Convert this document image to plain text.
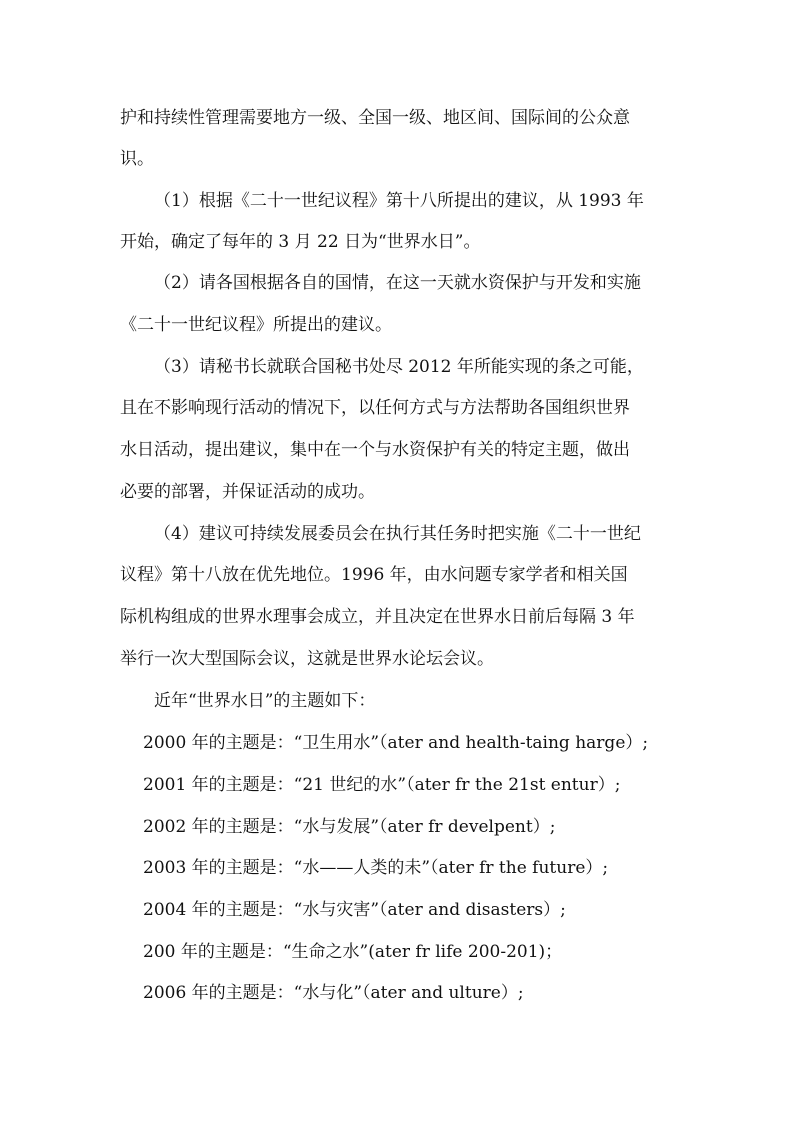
护和持续性管理需要地方一级、全国一级、地区间、国际间的公众意
识。
（1）根据《二十一世纪议程》第十八所提出的建议，从 1993 年
开始，确定了每年的 3 月 22 日为“世界水日”。
（2）请各国根据各自的国情，在这一天就水资保护与开发和实施
《二十一世纪议程》所提出的建议。
（3）请秘书长就联合国秘书处尽 2012 年所能实现的条之可能，
且在不影响现行活动的情况下，以任何方式与方法帮助各国组织世界
水日活动，提出建议，集中在一个与水资保护有关的特定主题，做出
必要的部署，并保证活动的成功。
（4）建议可持续发展委员会在执行其任务时把实施《二十一世纪
议程》第十八放在优先地位。1996 年，由水问题专家学者和相关国
际机构组成的世界水理事会成立，并且决定在世界水日前后每隔 3 年
举行一次大型国际会议，这就是世界水论坛会议。
近年“世界水日”的主题如下：
2000 年的主题是：“卫生用水”（ater and health-taing harge）;
2001 年的主题是：“21 世纪的水”（ater fr the 21st entur）;
2002 年的主题是：“水与发展”（ater fr develpent）;
2003 年的主题是：“水——人类的未”（ater fr the future）;
2004 年的主题是：“水与灾害”（ater and disasters）;
200 年的主题是：“生命之水”(ater fr life 200-201)；
2006 年的主题是：“水与化”（ater and ulture）;
